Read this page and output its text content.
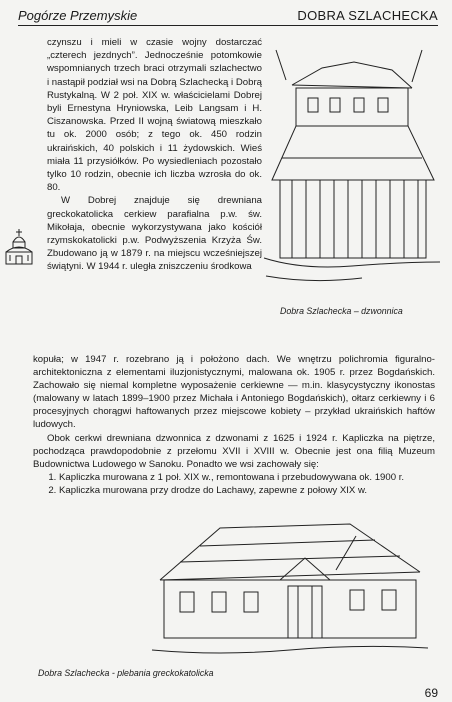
Pogórze Przemyskie	DOBRA SZLACHECKA

czynszu i mieli w czasie wojny dostarczać „czterech jezdnych”. Jednocześnie potomkowie wspomnianych trzech braci otrzymali szlachectwo i nastąpił podział wsi na Dobrą Szlachecką i Dobrą Rustykalną. W 2 poł. XIX w. właścicielami Dobrej byli Ernestyna Hryniowska, Leib Langsam i H. Ciszanowska. Przed II wojną światową mieszkało tu ok. 2000 osób; z tego ok. 450 rodzin ukraińskich, 40 polskich i 11 żydowskich. Wieś miała 11 przysiółków. Po wysiedleniach pozostało tylko 10 rodzin, obecnie ich liczba wzrosła do ok. 80.

W Dobrej znajduje się drewniana greckokatolicka cerkiew parafialna p.w. św. Mikołaja, obecnie wykorzystywana jako kościół rzymskokatolicki p.w. Podwyższenia Krzyża Św. Zbudowano ją w 1879 r. na miejscu wcześniejszej świątyni. W 1944 r. uległa zniszczeniu środkowa

Dobra Szlachecka – dzwonnica

kopuła; w 1947 r. rozebrano ją i położono dach. We wnętrzu polichromia figuralno-architektoniczna z elementami iluzjonistycznymi, malowana ok. 1905 r. przez Bogdańskich. Zachowało się niemal kompletne wyposażenie cerkiewne — m.in. klasycystyczny ikonostas (malowany w latach 1899–1900 przez Michała i Antoniego Bogdańskich), ołtarz cerkiewny i 6 procesyjnych chorągwi haftowanych przez miejscowe kobiety – przykład ukraińskich haftów ludowych.

Obok cerkwi drewniana dzwonnica z dzwonami z 1625 i 1924 r. Kapliczka na piętrze, pochodząca prawdopodobnie z przełomu XVII i XVIII w. Obecnie jest ona filią Muzeum Budownictwa Ludowego w Sanoku. Ponadto we wsi zachowały się:

1. Kapliczka murowana z 1 poł. XIX w., remontowana i przebudowywana ok. 1900 r.
2. Kapliczka murowana przy drodze do Lachawy, zapewne z połowy XIX w.
Dobra Szlachecka - plebania greckokatolicka
69
